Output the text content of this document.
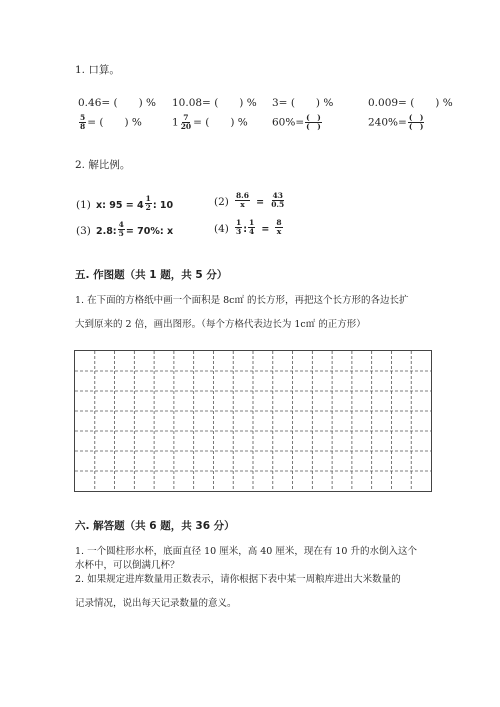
1. 口算。
0.46= (　　) % 10.08= (　　) % 3= (　　) %	0.009= (　　) %
$\frac{5}{8}$ = (　　) %	$1 \frac{7}{20}$ = (　　) % $60\%= \frac{( )}{( )}$	$240\%= \frac{( )}{( )}$
2. 解比例。
(1) x: $95 = 4 \frac{1}{2}$ : 10	$(2) \frac{8.6}{x} = \frac{43}{0.5}$
(3) 2.8: $\frac{4}{5} = 70\%$: x	$(4) \frac{1}{3}$ : $\frac{1}{4} = \frac{8}{x}$
五. 作图题（共 1 题，共 5 分）
1. 在下面的方格纸中画一个面积是 8c㎡ 的长方形，再把这个长方形的各边长扩
大到原来的 2 倍，画出图形。（每个方格代表边长为 1c㎡ 的正方形）
六. 解答题（共 6 题，共 36 分）
1. 一个圆柱形水杯，底面直径 10 厘米，高 40 厘米，现在有 10 升的水倒入这个
水杯中，可以倒满几杯？
2. 如果规定进库数量用正数表示，请你根据下表中某一周粮库进出大米数量的
记录情况，说出每天记录数量的意义。
